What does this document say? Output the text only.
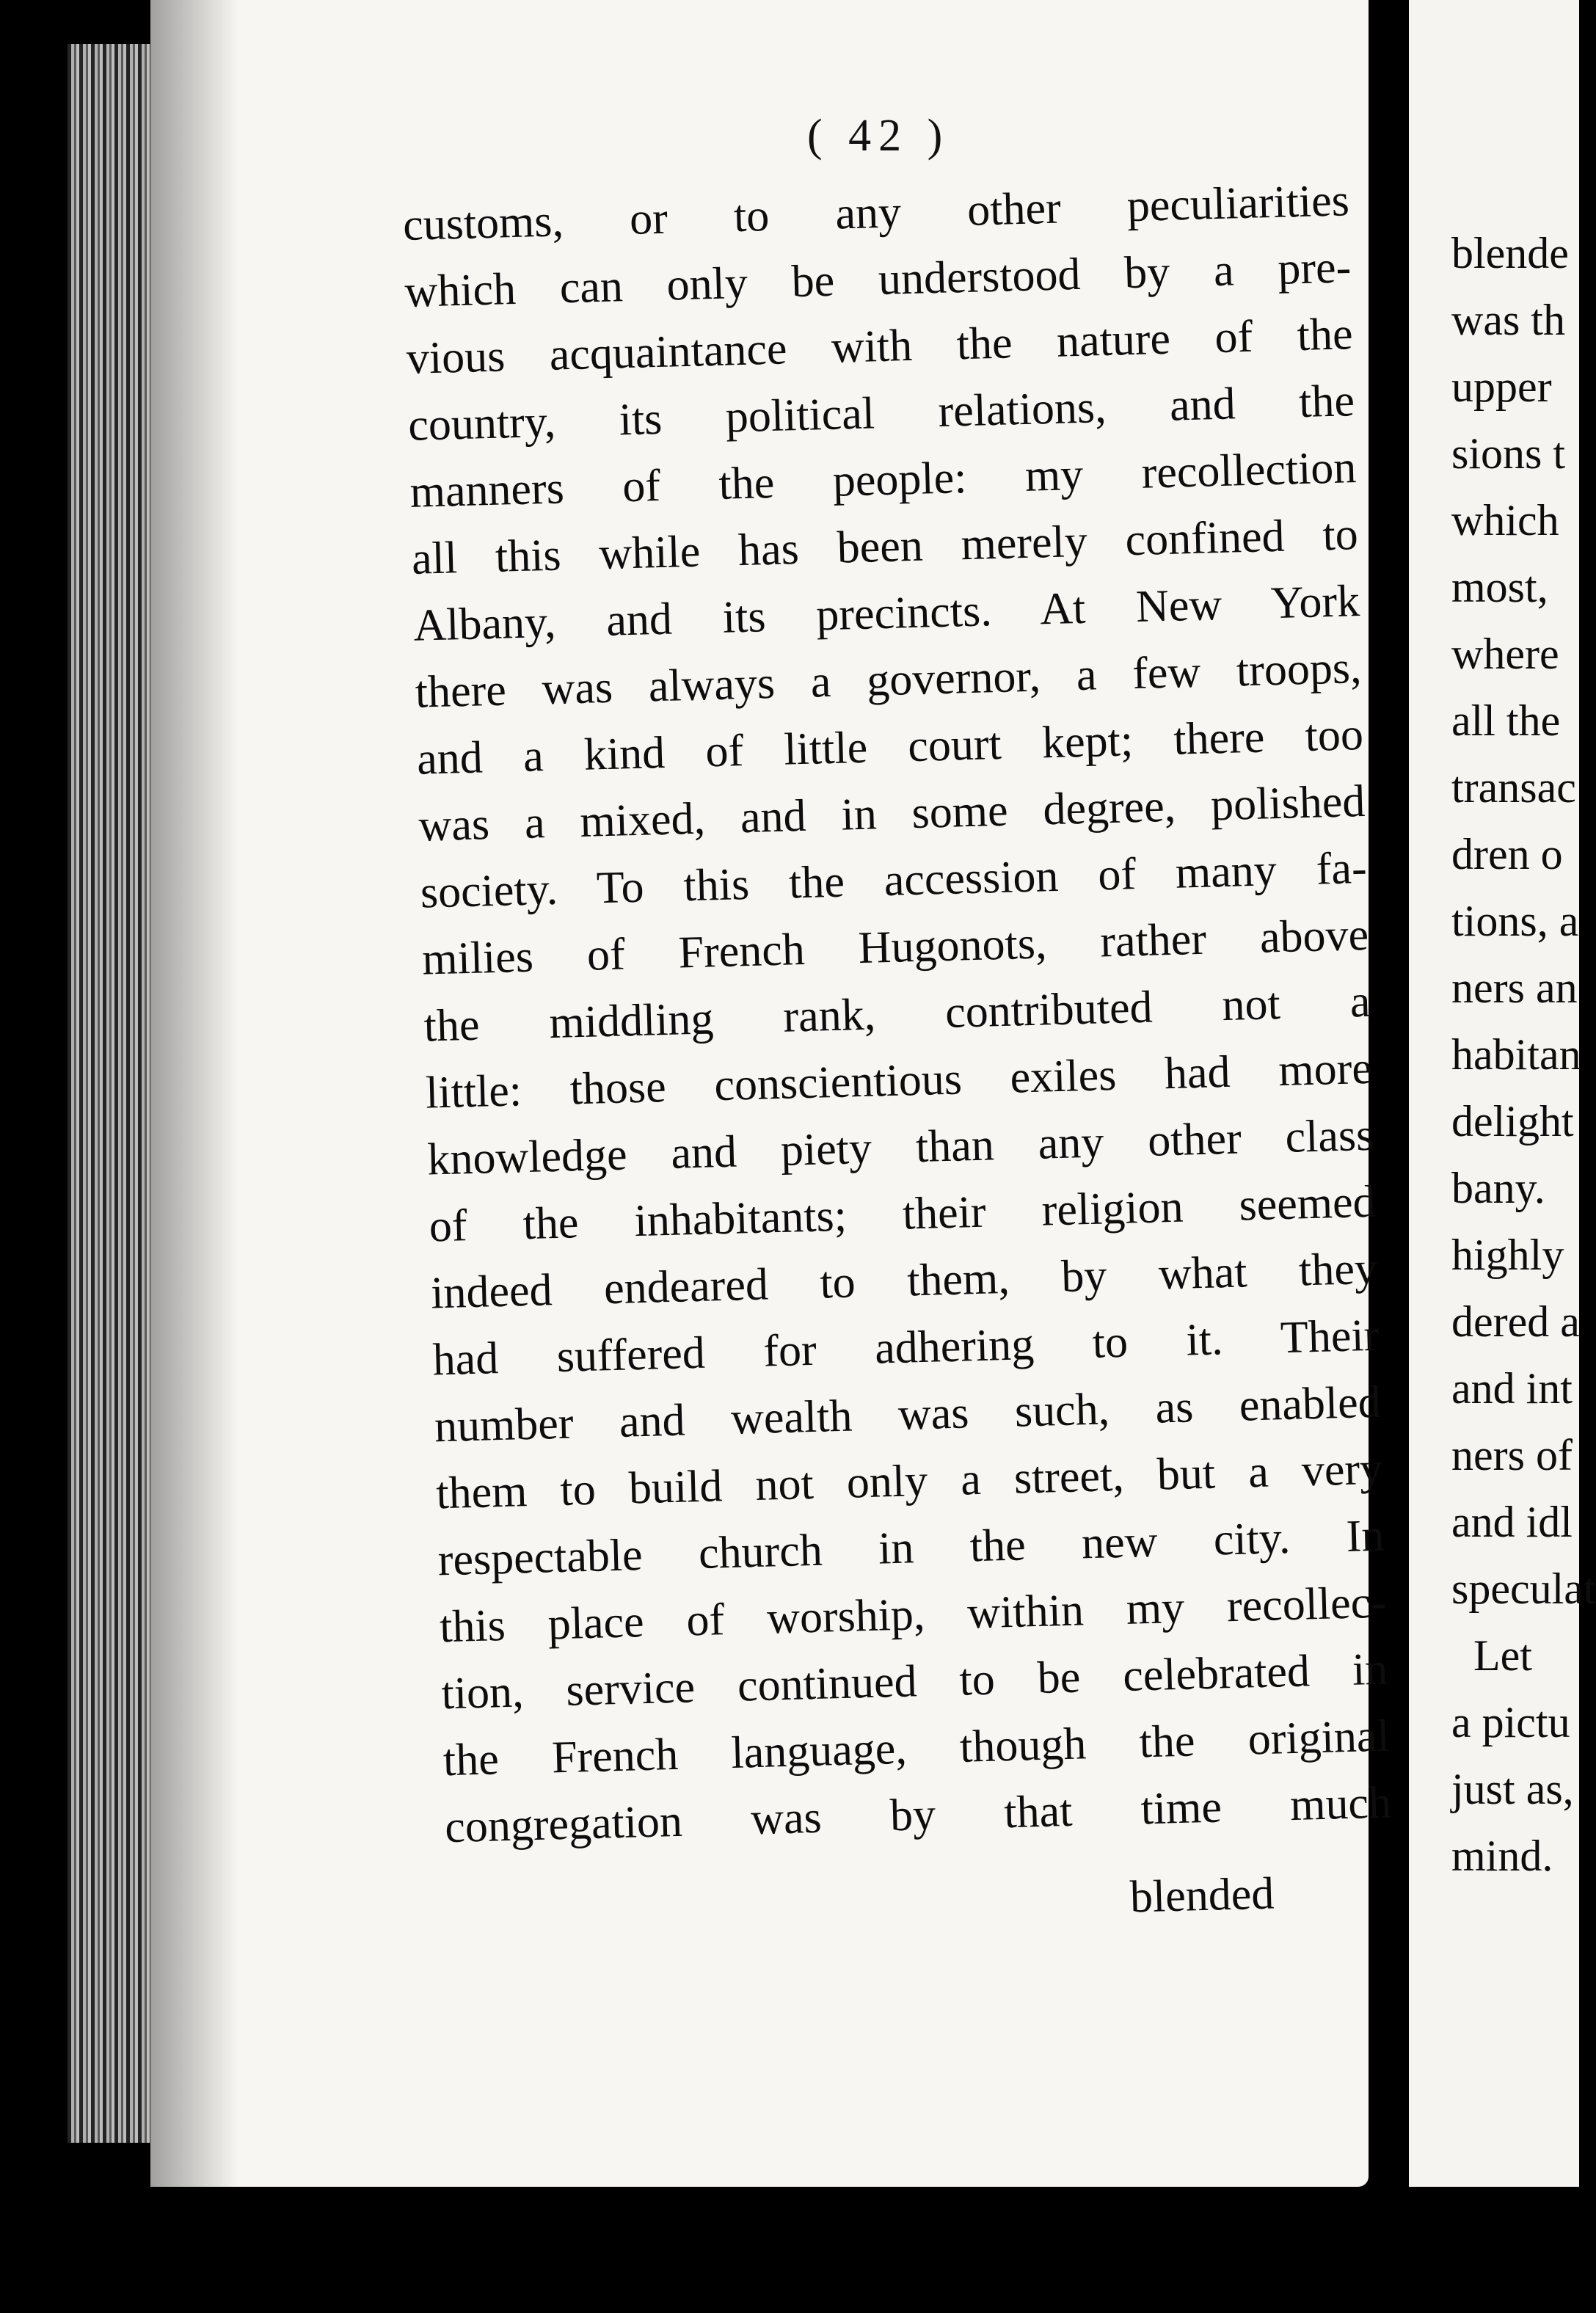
( 42 )
customs, or to any other peculiarities
which can only be understood by a pre-
vious acquaintance with the nature of the
country, its political relations, and the
manners of the people: my recollection
all this while has been merely confined to
Albany, and its precincts. At New York
there was always a governor, a few troops,
and a kind of little court kept; there too
was a mixed, and in some degree, polished
society. To this the accession of many fa-
milies of French Hugonots, rather above
the middling rank, contributed not a
little: those conscientious exiles had more
knowledge and piety than any other class
of the inhabitants; their religion seemed
indeed endeared to them, by what they
had suffered for adhering to it. Their
number and wealth was such, as enabled
them to build not only a street, but a very
respectable church in the new city. In
this place of worship, within my recollec-
tion, service continued to be celebrated in
the French language, though the original
congregation was by that time much
blended
blende
was th
upper
sions t
which
most,
where
all the
transac
dren o
tions, a
ners an
habitan
delight
bany.
highly
dered a
and int
ners of
and idl
speculat
Let
a pictu
just as,
mind.
